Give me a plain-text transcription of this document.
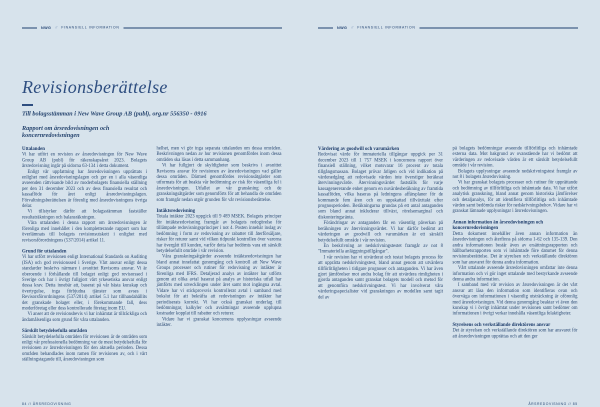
NWG // FINANSIELL INFORMATION
Revisionsberättelse
Till bolagsstämman i New Wave Group AB (publ), org.nr 556350 - 0916
Rapport om årsredovisningen och koncernredovisningen
Uttalanden
Vi har utfört en revision av årsredovisningen för New Wave Group AB (publ) för räkenskapsåret 2023. Bolagets årsredovisning ingår på sidorna 63-134 i detta dokument.
Enligt vår uppfattning har årsredovisningen upprättats i enlighet med årsredovisningslagen och ger en i alla väsentliga avseenden rättvisande bild av moderbolagets finansiella ställning per den 31 december 2023 och av dess finansiella resultat och kassaflöde för året enligt årsredovisningslagen. Förvaltningsberättelsen är förenlig med årsredovisningens övriga delar.
Vi tillstyrker därför att bolagsstämman fastställer resultaträkningen och balansräkningen.
Våra uttalanden i denna rapport om årsredovisningen är förenliga med innehållet i den kompletterande rapport som har överlämnats till bolagets revisionsutskott i enlighet med revisorsförordningens (537/2014) artikel 11.
Grund för uttalanden
Vi har utfört revisionen enligt International Standards on Auditing (ISA) och god revisionssed i Sverige. Vårt ansvar enligt dessa standarder beskrivs närmare i avsnittet Revisorns ansvar. Vi är oberoende i förhållande till bolaget enligt god revisorssed i Sverige och har i övrigt fullgjort vårt yrkesetiska ansvar enligt dessa krav. Detta innebär att, baserat på vår bästa kunskap och övertygelse, inga förbjudna tjänster som avses i Revisorsförordningens (537/2014) artikel 5.1 har tillhandahållits det granskade bolaget eller, i förekommande fall, dess moderföretag eller dess kontrollerade företag inom EU.
Vi anser att de revisionsbevis vi har inhämtat är tillräckliga och ändamålsenliga som grund för våra uttalanden.
Särskilt betydelsefulla områden
Särskilt betydelsefulla områden för revisionen är de områden som enligt vår professionella bedömning var de mest betydelsefulla för revisionen av årsredovisningen för den aktuella perioden. Dessa områden behandlades inom ramen för revisionen av, och i vårt ställningstagande till, årsredovisningen som
helhet, men vi gör inga separata uttalanden om dessa områden. Beskrivningen nedan av hur revisionen genomfördes inom dessa områden ska läsas i detta sammanhang.
Vi har fullgjort de skyldigheter som beskrivs i avsnittet Revisorns ansvar för revisionen av årsredovisningen vad gäller dessa områden. Därmed genomfördes revisionsåtgärder som utformats för att beakta vår bedömning av risk för väsentliga fel i årsredovisningen. Utfallet av vår granskning och de granskningsåtgärder som genomförts för att behandla de områden som framgår nedan utgör grunden för vår revisionsberättelse.
Intäktsredovisning
Totala intäkter 2023 uppgick till 9 489 MSEK. Bolagets principer för intäktsredovisning framgår av bolagets redogörelse för tillämpade redovisningsprinciper i not 4. Posten innebär inslag av bedömning i form av redovisning av rabatter till återförsäljare, risker för returer samt vid vilken tidpunkt kontrollen över varorna har övergått till kunden, varför detta har bedömts vara ett särskilt betydelsefullt område i vår revision.
Våra granskningsåtgärder avseende intäktsredovisningen har bland annat innefattat genomgång och kontroll att New Wave Groups processer och rutiner för redovisning av intäkter är förenliga med IFRS. Detaljerad analys av intäkter har utförts genom att olika avtal baserat på analys av historiska utfall har jämförts med utvecklingen under året samt mot ingångna avtal. Vidare har vi stickprovsvis kontrollerat avtal i samband med bokslut för att bekräfta att redovisningen av intäkter har periodiserats korrekt. Vi har också granskat underlag till bedömningar, kalkyler och avsättningar avseende upplupna kostnader kopplat till rabatter och returer.
Vidare har vi granskat koncernens upplysningar avseende intäkter.
84 // ÅRSREDOVISNING
NWG // FINANSIELL INFORMATION
Värdering av goodwill och varumärken
Redovisat värde för immateriella tillgångar uppgick per 31 december 2023 till 1 757 MSEK i koncernens rapport över finansiell ställning, vilket motsvarar 16 procent av totala tillgångsmassan. Bolaget prövar årligen och vid indikation på värdenedgång att redovisade värden inte överstiger beräknat återvinningsvärde. Återvinningsvärdet fastställs för varje kassagenererande enhet genom en nuvärdesberäkning av framtida kassaflöden, vilka baseras på ledningens affärsplaner för de kommande fem åren och en uppskattad tillväxttakt efter prognosperioden. Beräkningarna grundas på ett antal antaganden som bland annat inkluderar tillväxt, rörelsemarginal och diskonteringsränta.
Förändringar av antaganden får en väsentlig påverkan på beräkningen av återvinningsvärdet. Vi har därför bedömt att värderingen av goodwill och varumärken är ett särskilt betydelsefullt område i vår revision.
En beskrivning av nedskrivningstestet framgår av not 8 "Immateriella anläggningstillgångar".
I vår revision har vi utvärderat och testat bolagets process för att upprätta nedskrivningstest, bland annat genom att utvärdera tillförlitligheten i tidigare prognoser och antaganden. Vi har även gjort jämförelser mot andra bolag för att utvärdera rimligheten i gjorda antaganden samt granskat bolagets modell och metod för att genomföra nedskrivningstest. Vi har involverat våra värderingsspecialister vid granskningen av modellen samt tagit del av
på bolagets bedömningar avseende tillförlitliga och inhämtade externa data. Mot bakgrund av ovanstående har vi bedömt att värderingen av redovisade värden är ett särskilt betydelsefullt område i vår revision.
Bolagets upplysningar avseende nedskrivningstest framgår av not 8 i bolagets årsredovisning.
Vi har granskat bolagets processer och rutiner för upprättande och bedömning av tillförlitliga och inhämtade data. Vi har utfört analytisk granskning, bland annat genom historiska jämförelser och detaljanalys, för att identifiera tillförlitliga och inhämtade värden samt bedömda risker för nedskrivningsbehov. Vidare har vi granskat lämnade upplysningar i årsredovisningen.
Annan information än årsredovisningen och koncernredovisningen
Detta dokument innehåller även annan information än årsredovisningen och återfinns på sidorna 1-62 och 135-139. Den andra informationen består även av ersättningsrapporten och hållbarhetsrapporten som vi inhämtade före datumet för denna revisionsberättelse. Det är styrelsen och verkställande direktören som har ansvaret för denna andra information.
Vårt uttalande avseende årsredovisningen omfattar inte denna information och vi gör inget uttalande med bestyrkande avseende denna andra information.
I samband med vår revision av årsredovisningen är det vårt ansvar att läsa den information som identifieras ovan och överväga om informationen i väsentlig utsträckning är oförenlig med årsredovisningen. Vid denna genomgång beaktar vi även den kunskap vi i övrigt inhämtat under revisionen samt bedömer om informationen i övrigt verkar innehålla väsentliga felaktigheter.
Styrelsens och verkställande direktörens ansvar
Det är styrelsen och verkställande direktören som har ansvaret för att årsredovisningen upprättas och att den ger
ÅRSREDOVISNING // 85
